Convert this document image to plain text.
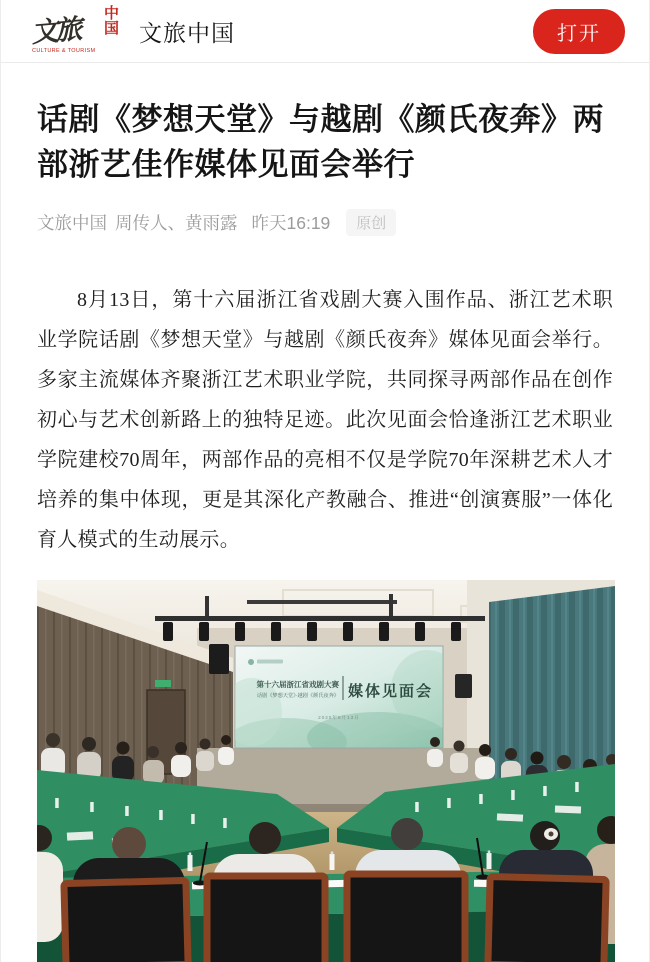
文旅 中国
CULTURE & TOURISM
文旅中国	打开
话剧《梦想天堂》与越剧《颜氏夜奔》两部浙艺佳作媒体见面会举行
文旅中国 周传人、黄雨露 昨天16:19	原创

8月13日，第十六届浙江省戏剧大赛入围作品、浙江艺术职业学院话剧《梦想天堂》与越剧《颜氏夜奔》媒体见面会举行。多家主流媒体齐聚浙江艺术职业学院，共同探寻两部作品在创作初心与艺术创新路上的独特足迹。此次见面会恰逢浙江艺术职业学院建校70周年，两部作品的亮相不仅是学院70年深耕艺术人才培养的集中体现，更是其深化产教融合、推进“创演赛服”一体化育人模式的生动展示。

第十六届浙江省戏剧大赛
话剧《梦想天堂》·越剧《颜氏夜奔》 媒体见面会
2025年8月13日
